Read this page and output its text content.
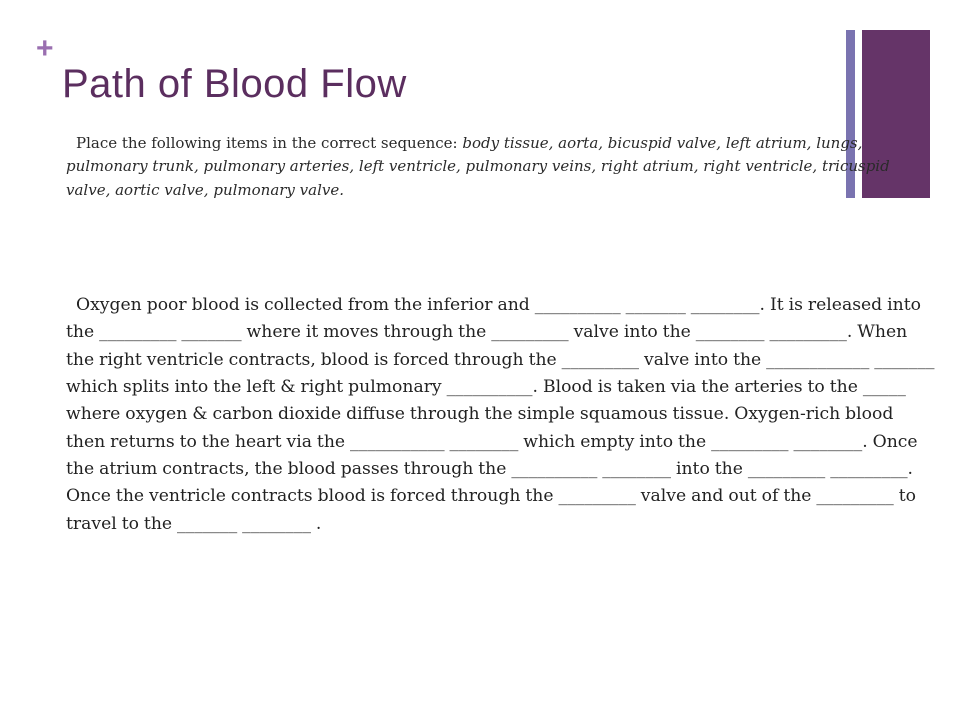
+
Path of Blood Flow

Place the following items in the correct sequence: body tissue, aorta, bicuspid valve, left atrium, lungs, pulmonary trunk, pulmonary arteries, left ventricle, pulmonary veins, right atrium, right ventricle, tricuspid valve, aortic valve, pulmonary valve.

Oxygen poor blood is collected from the inferior and __________ _______ ________. It is released into the _________ _______ where it moves through the _________ valve into the ________ _________. When the right ventricle contracts, blood is forced through the _________ valve into the ____________ _______ which splits into the left & right pulmonary __________. Blood is taken via the arteries to the _____ where oxygen & carbon dioxide diffuse through the simple squamous tissue. Oxygen-rich blood then returns to the heart via the ___________ ________ which empty into the _________ ________. Once the atrium contracts, the blood passes through the __________ ________ into the _________ _________. Once the ventricle contracts blood is forced through the _________ valve and out of the _________ to travel to the _______ ________ .
